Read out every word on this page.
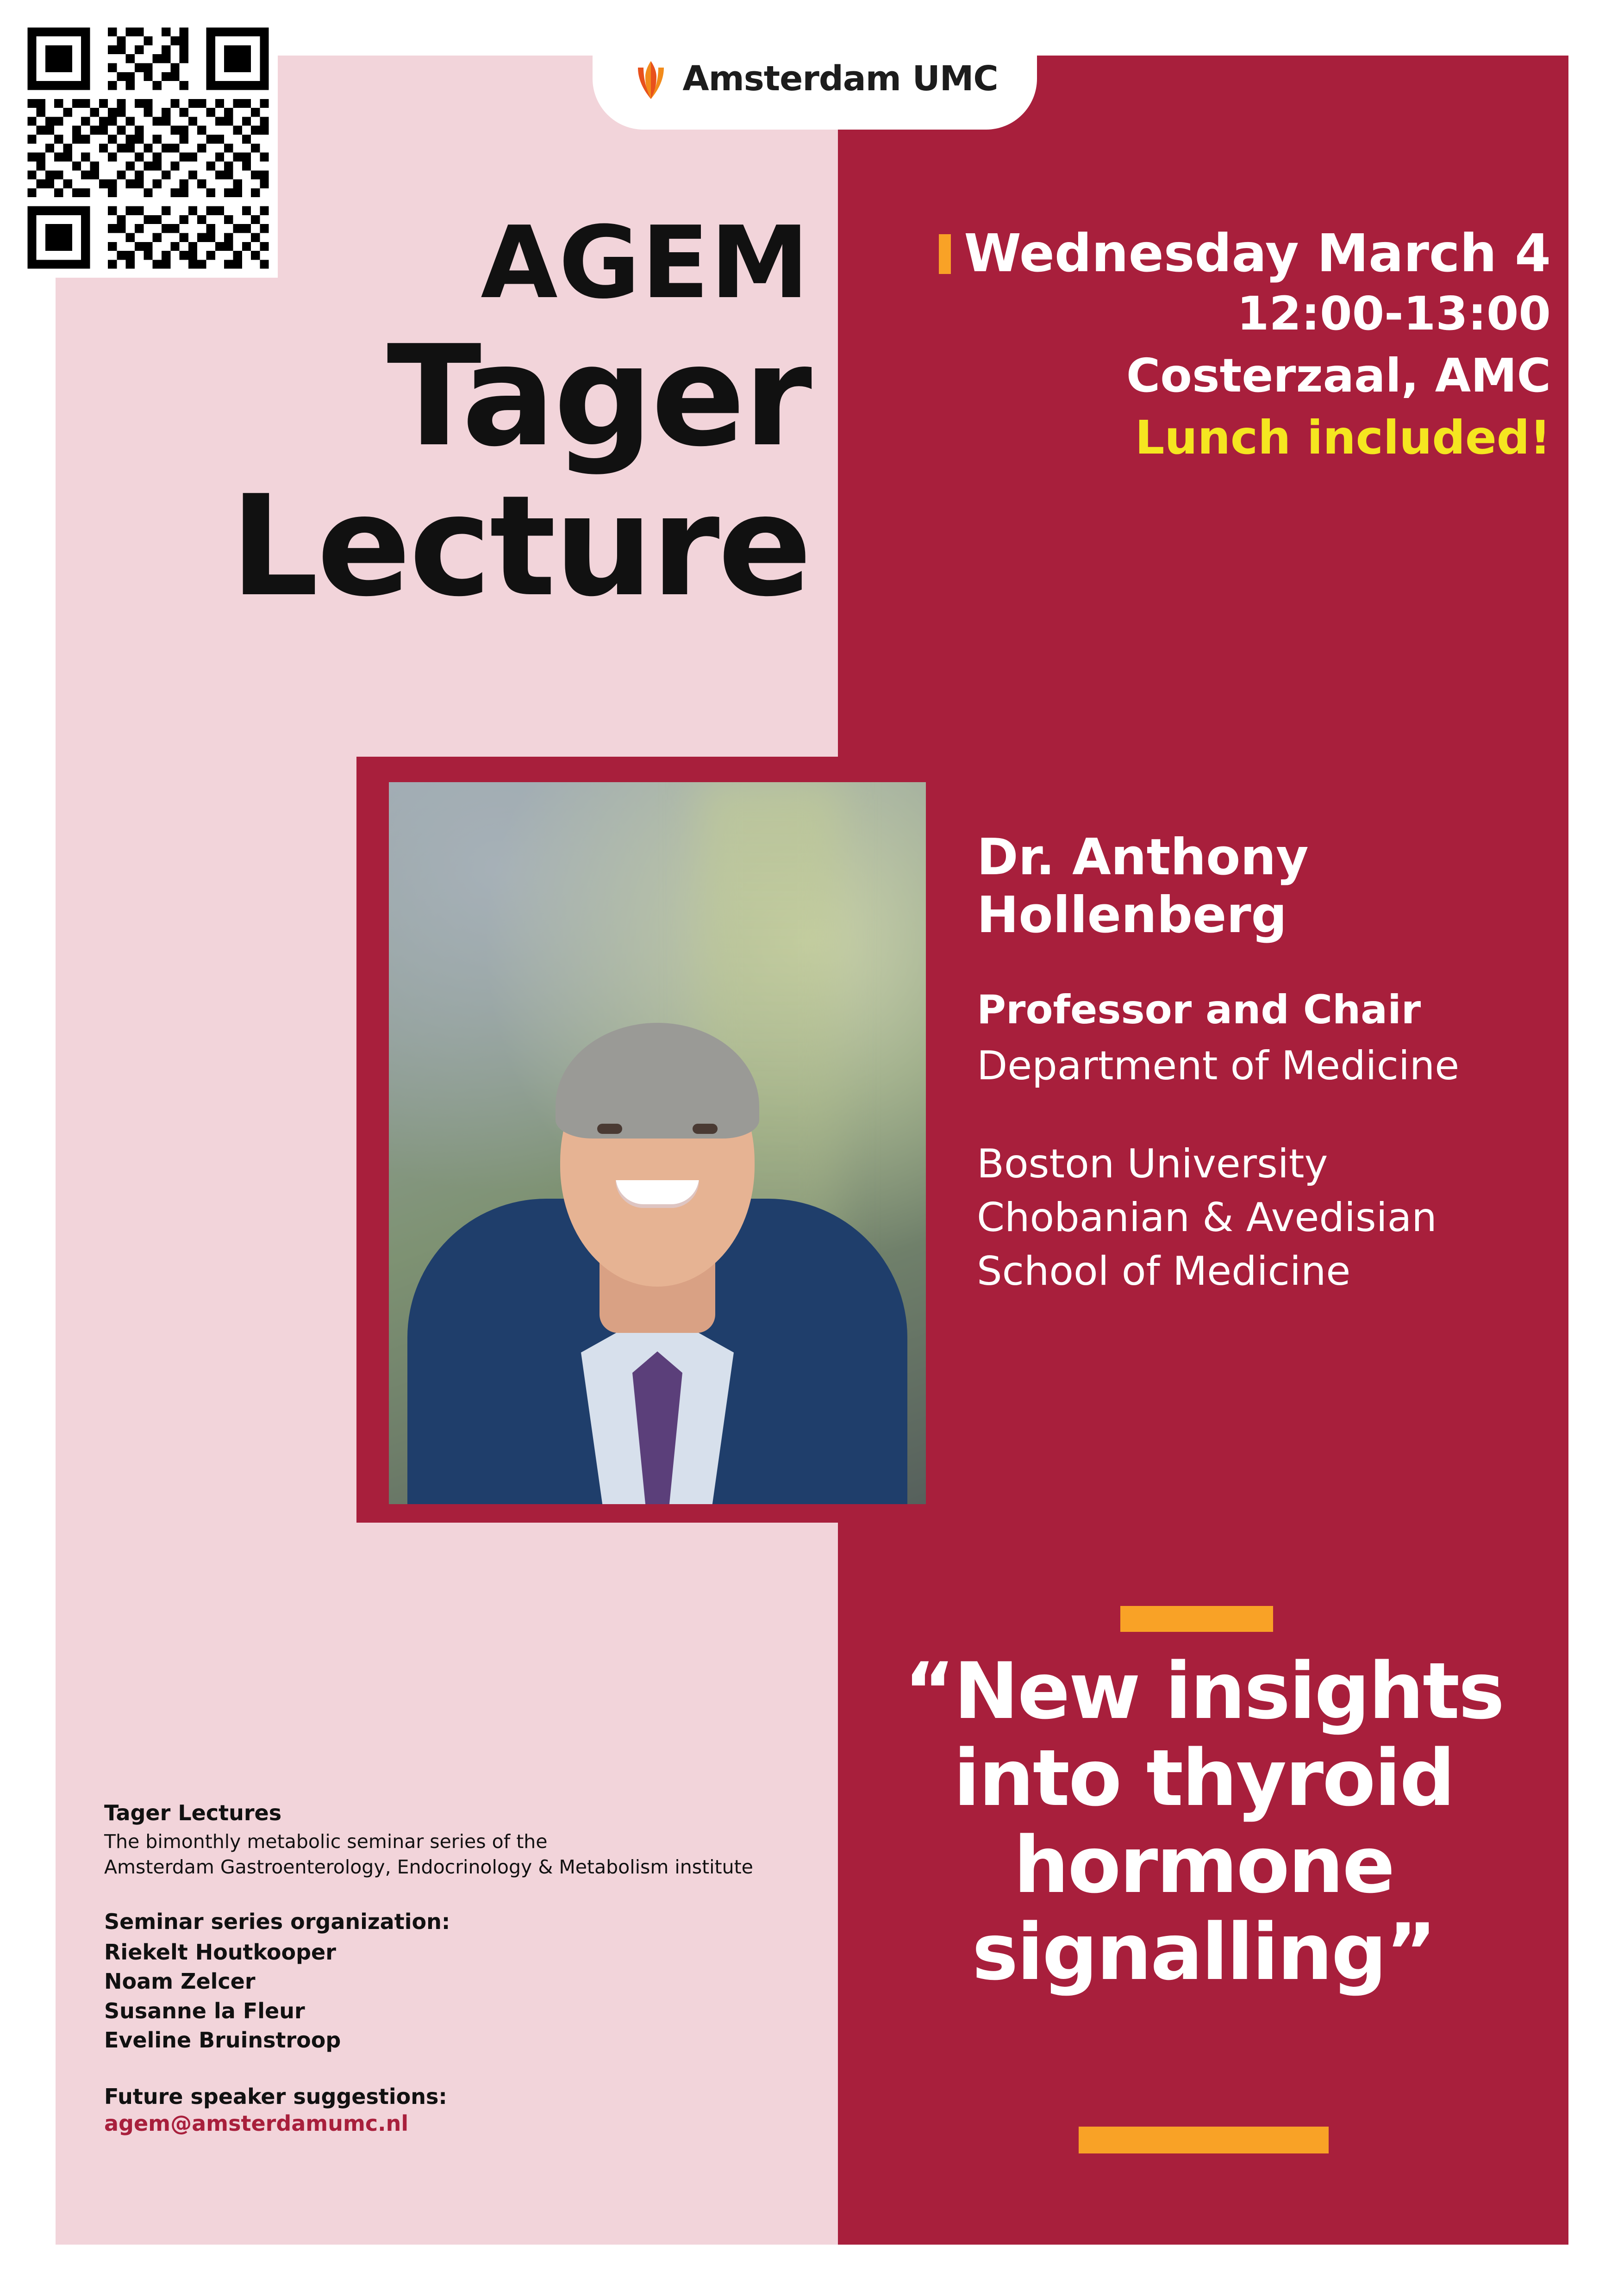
Amsterdam UMC
AGEM
Tager
Lecture
Wednesday March 4
12:00-13:00
Costerzaal, AMC
Lunch included!
Dr. Anthony Hollenberg
Professor and Chair
Department of Medicine
Boston University
Chobanian & Avedisian
School of Medicine
“New insights into thyroid hormone signalling”
Tager Lectures
The bimonthly metabolic seminar series of the
Amsterdam Gastroenterology, Endocrinology & Metabolism institute
Seminar series organization:
Riekelt Houtkooper
Noam Zelcer
Susanne la Fleur
Eveline Bruinstroop
Future speaker suggestions:
agem@amsterdamumc.nl
